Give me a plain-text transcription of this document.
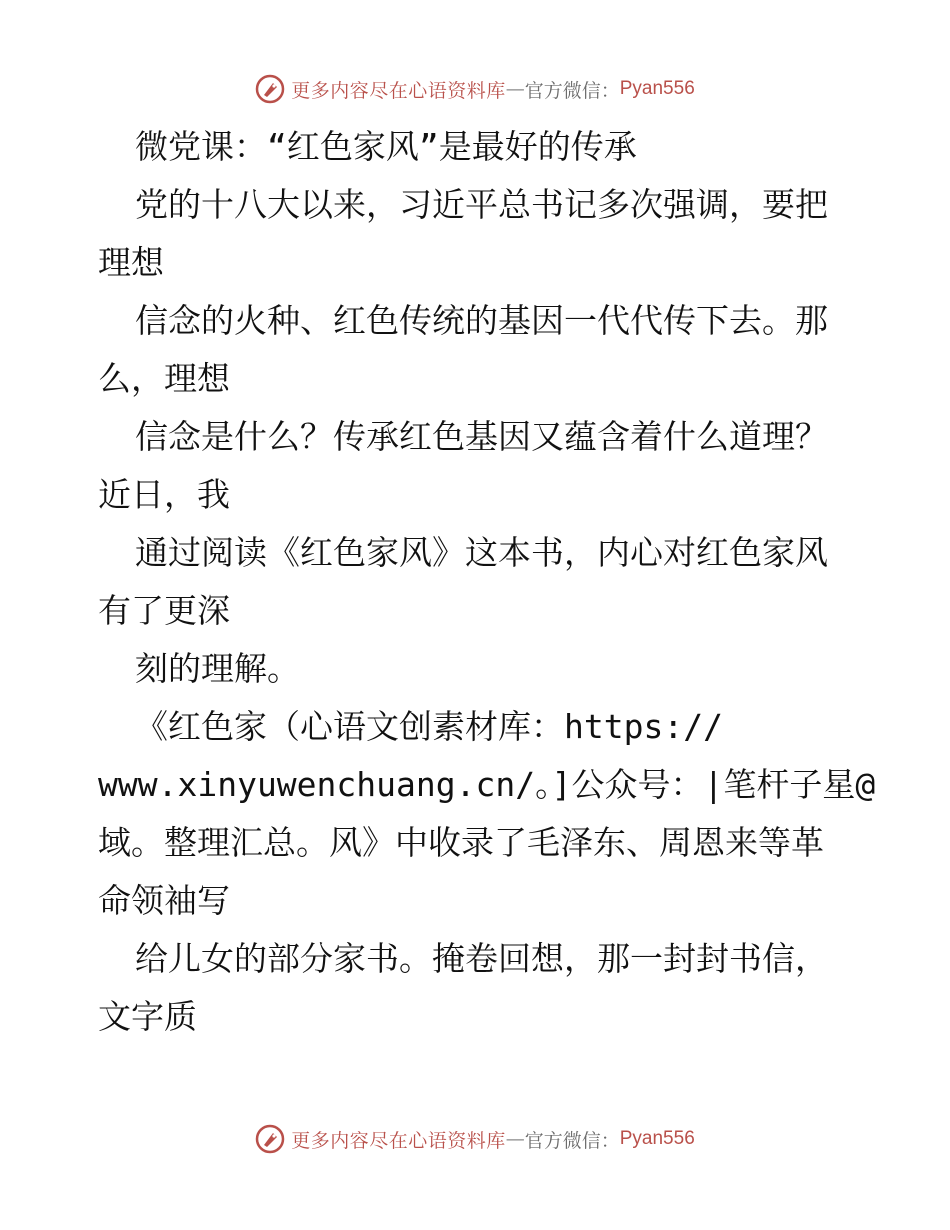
更多内容尽在心语资料库 — 官方微信： Pyan556
微党课：“红色家风”是最好的传承
党的十八大以来，习近平总书记多次强调，要把
理想
信念的火种、红色传统的基因一代代传下去。那
么，理想
信念是什么？传承红色基因又蕴含着什么道理？
近日，我
通过阅读《红色家风》这本书，内心对红色家风
有了更深
刻的理解。
《红色家（心语文创素材库：https://
www.xinyuwenchuang.cn/。]公众号：|笔杆子星@
域。整理汇总。风》中收录了毛泽东、周恩来等革
命领袖写
给儿女的部分家书。掩卷回想，那一封封书信，
文字质
更多内容尽在心语资料库 — 官方微信： Pyan556
